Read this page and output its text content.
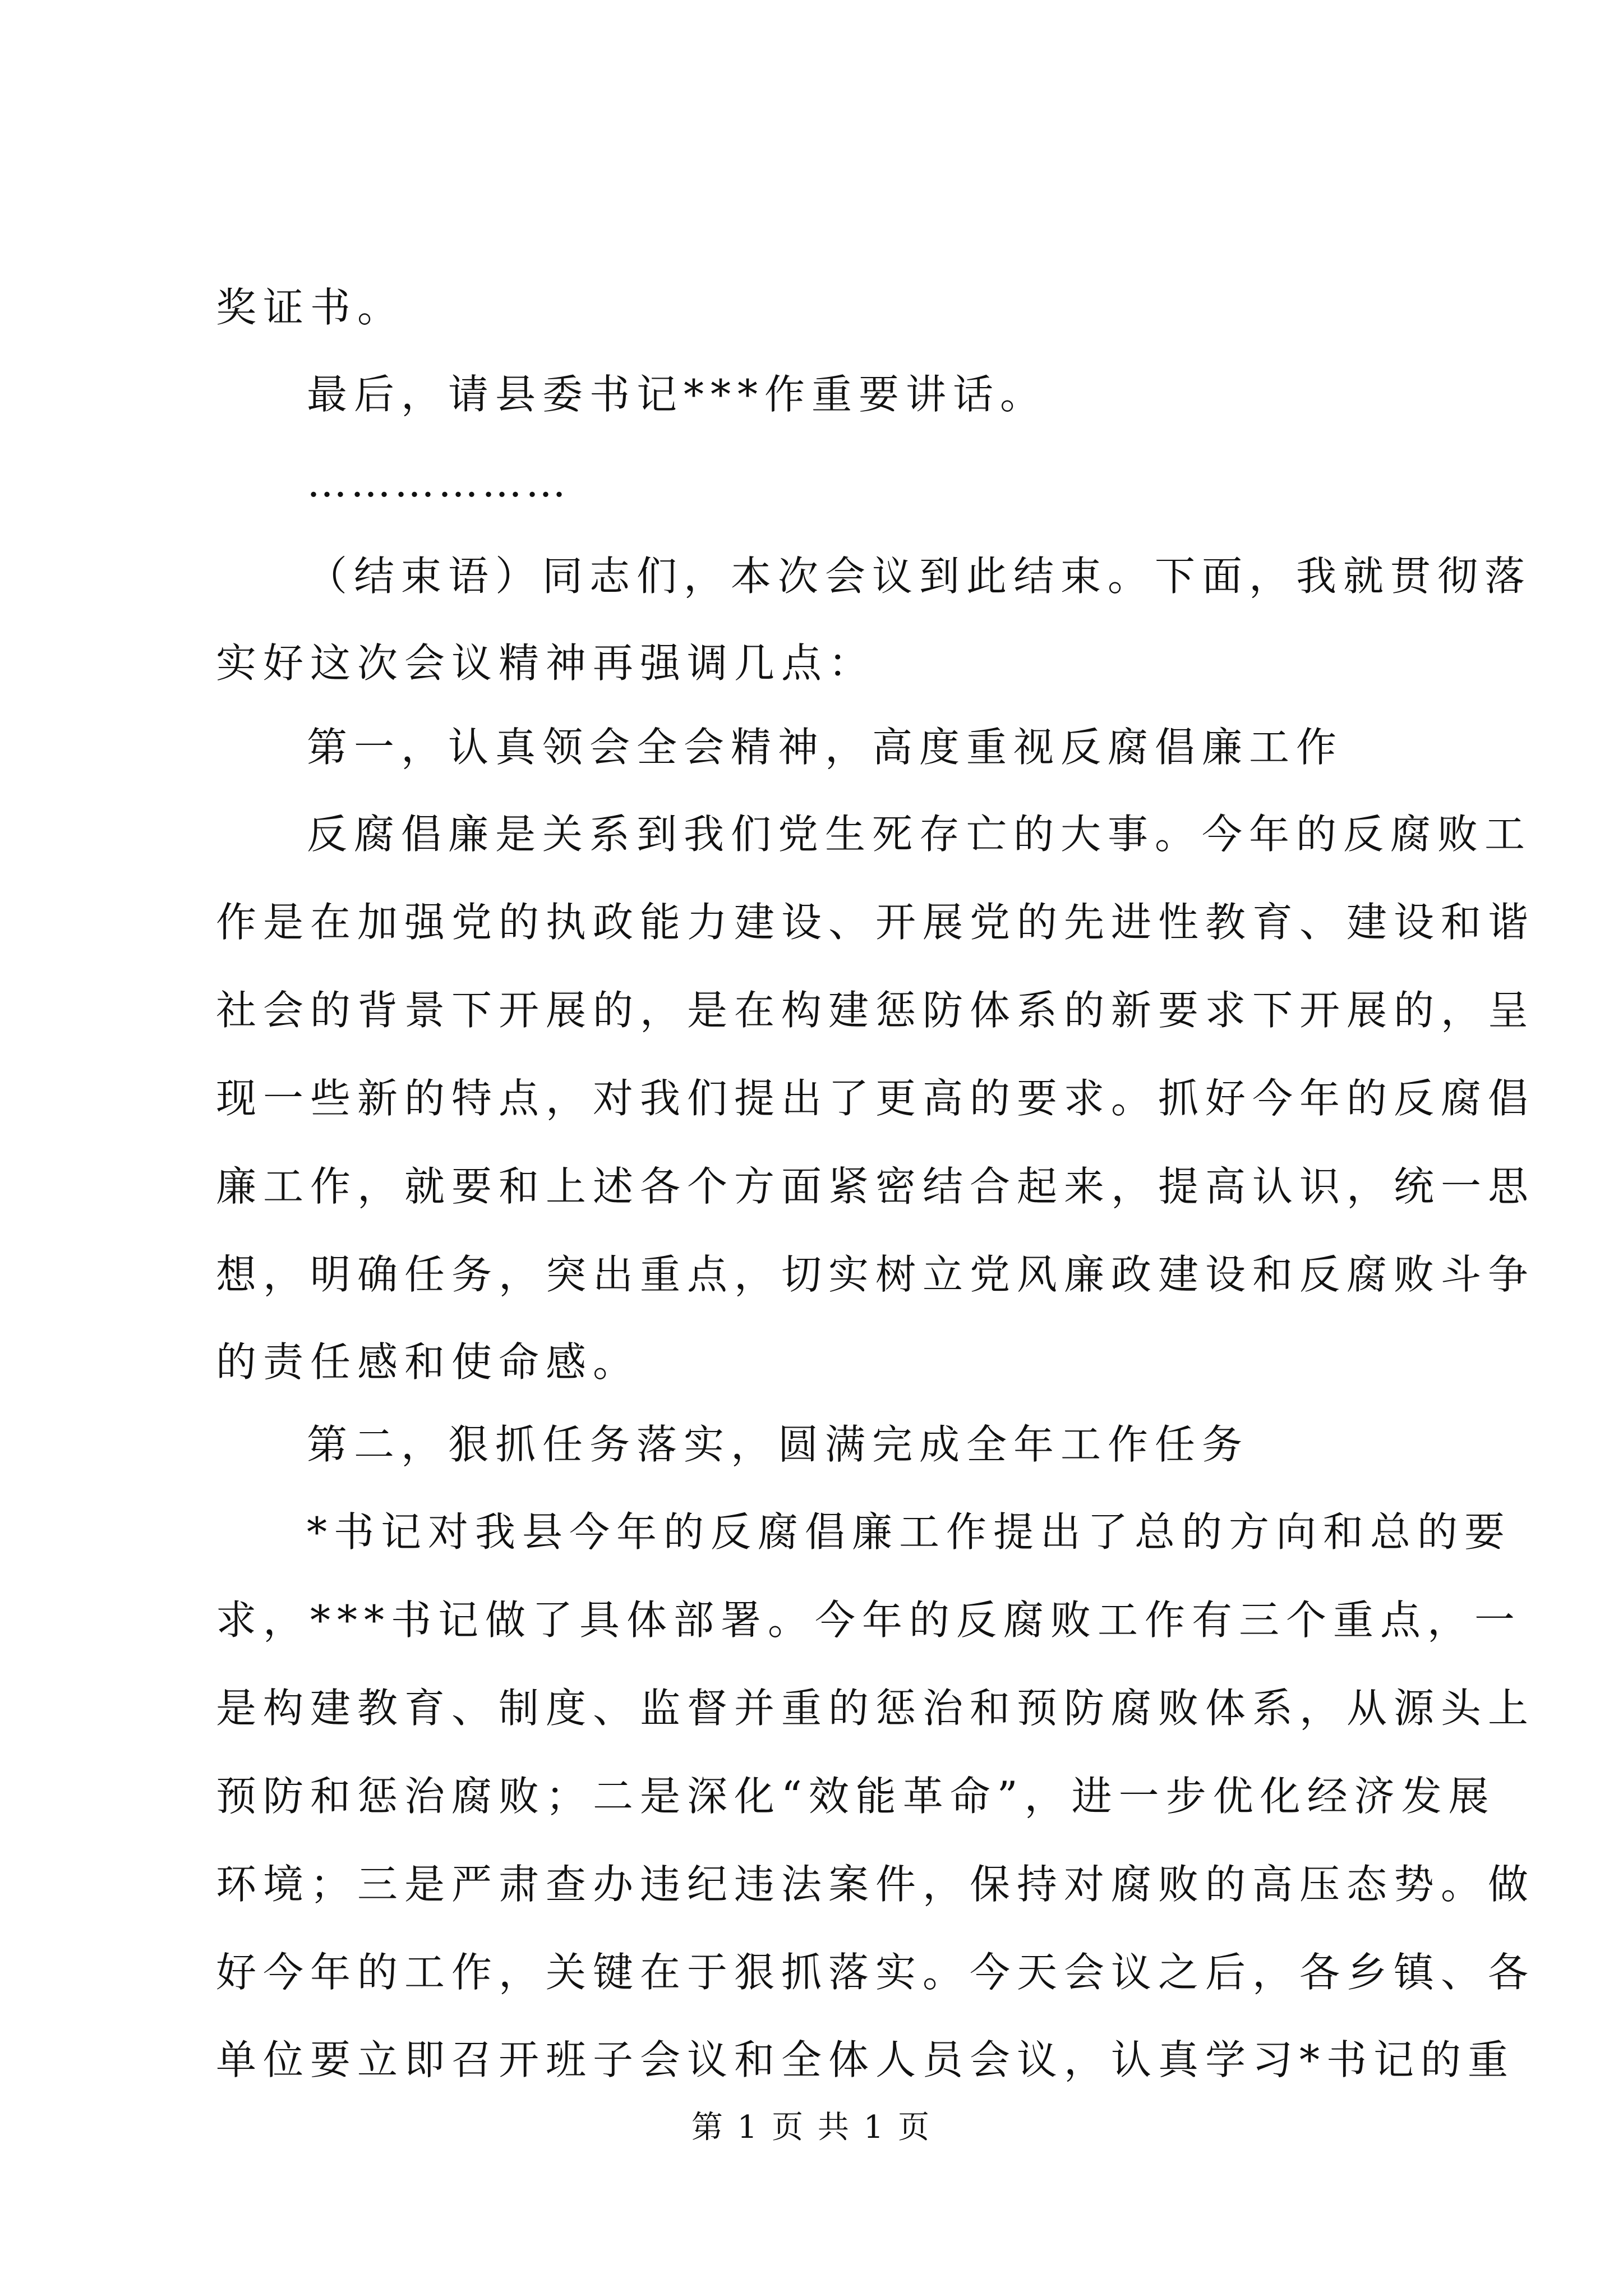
奖证书。
最后，请县委书记***作重要讲话。
………………
（结束语）同志们，本次会议到此结束。下面，我就贯彻落
实好这次会议精神再强调几点：
第一，认真领会全会精神，高度重视反腐倡廉工作
反腐倡廉是关系到我们党生死存亡的大事。今年的反腐败工
作是在加强党的执政能力建设、开展党的先进性教育、建设和谐
社会的背景下开展的，是在构建惩防体系的新要求下开展的，呈
现一些新的特点，对我们提出了更高的要求。抓好今年的反腐倡
廉工作，就要和上述各个方面紧密结合起来，提高认识，统一思
想，明确任务，突出重点，切实树立党风廉政建设和反腐败斗争
的责任感和使命感。
第二，狠抓任务落实，圆满完成全年工作任务
*书记对我县今年的反腐倡廉工作提出了总的方向和总的要
求，***书记做了具体部署。今年的反腐败工作有三个重点，一
是构建教育、制度、监督并重的惩治和预防腐败体系，从源头上
预防和惩治腐败；二是深化“效能革命”，进一步优化经济发展
环境；三是严肃查办违纪违法案件，保持对腐败的高压态势。做
好今年的工作，关键在于狠抓落实。今天会议之后，各乡镇、各
单位要立即召开班子会议和全体人员会议，认真学习*书记的重
第 1 页 共 1 页
